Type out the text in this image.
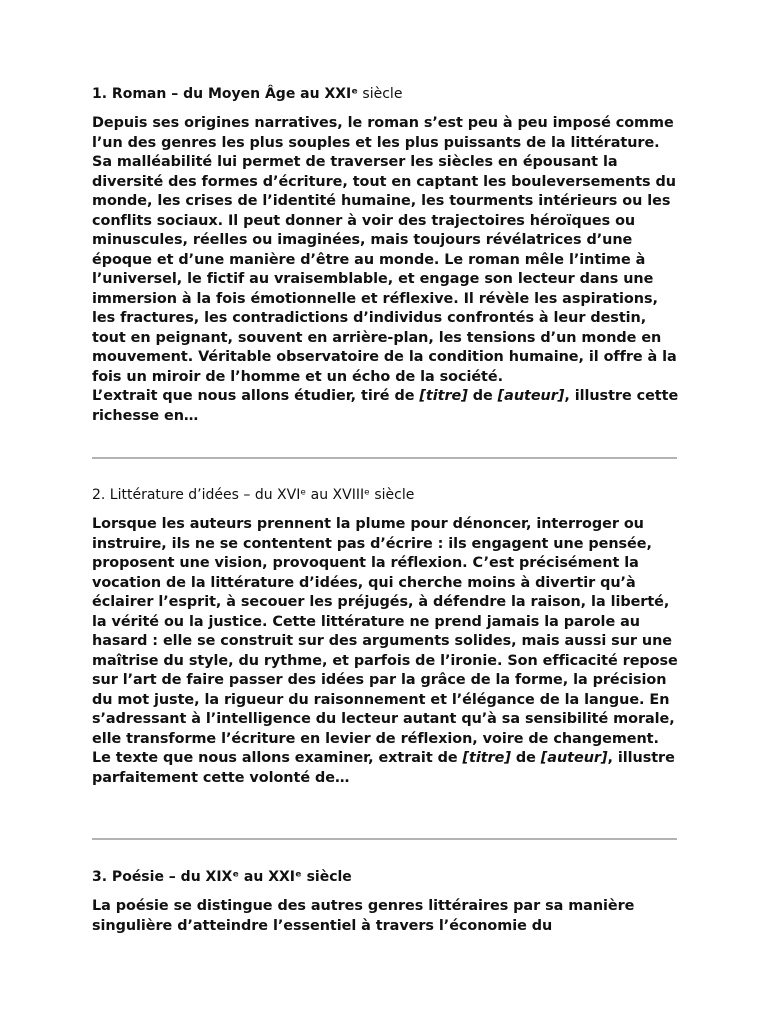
1. Roman – du Moyen Âge au XXIᵉ siècle

Depuis ses origines narratives, le roman s’est peu à peu imposé comme l’un des genres les plus souples et les plus puissants de la littérature. Sa malléabilité lui permet de traverser les siècles en épousant la diversité des formes d’écriture, tout en captant les bouleversements du monde, les crises de l’identité humaine, les tourments intérieurs ou les conflits sociaux. Il peut donner à voir des trajectoires héroïques ou minuscules, réelles ou imaginées, mais toujours révélatrices d’une époque et d’une manière d’être au monde. Le roman mêle l’intime à l’universel, le fictif au vraisemblable, et engage son lecteur dans une immersion à la fois émotionnelle et réflexive. Il révèle les aspirations, les fractures, les contradictions d’individus confrontés à leur destin, tout en peignant, souvent en arrière-plan, les tensions d’un monde en mouvement. Véritable observatoire de la condition humaine, il offre à la fois un miroir de l’homme et un écho de la société.
L’extrait que nous allons étudier, tiré de [titre] de [auteur], illustre cette richesse en…

2. Littérature d’idées – du XVIᵉ au XVIIIᵉ siècle

Lorsque les auteurs prennent la plume pour dénoncer, interroger ou instruire, ils ne se contentent pas d’écrire : ils engagent une pensée, proposent une vision, provoquent la réflexion. C’est précisément la vocation de la littérature d’idées, qui cherche moins à divertir qu’à éclairer l’esprit, à secouer les préjugés, à défendre la raison, la liberté, la vérité ou la justice. Cette littérature ne prend jamais la parole au hasard : elle se construit sur des arguments solides, mais aussi sur une maîtrise du style, du rythme, et parfois de l’ironie. Son efficacité repose sur l’art de faire passer des idées par la grâce de la forme, la précision du mot juste, la rigueur du raisonnement et l’élégance de la langue. En s’adressant à l’intelligence du lecteur autant qu’à sa sensibilité morale, elle transforme l’écriture en levier de réflexion, voire de changement.
Le texte que nous allons examiner, extrait de [titre] de [auteur], illustre parfaitement cette volonté de…

3. Poésie – du XIXᵉ au XXIᵉ siècle

La poésie se distingue des autres genres littéraires par sa manière singulière d’atteindre l’essentiel à travers l’économie du
